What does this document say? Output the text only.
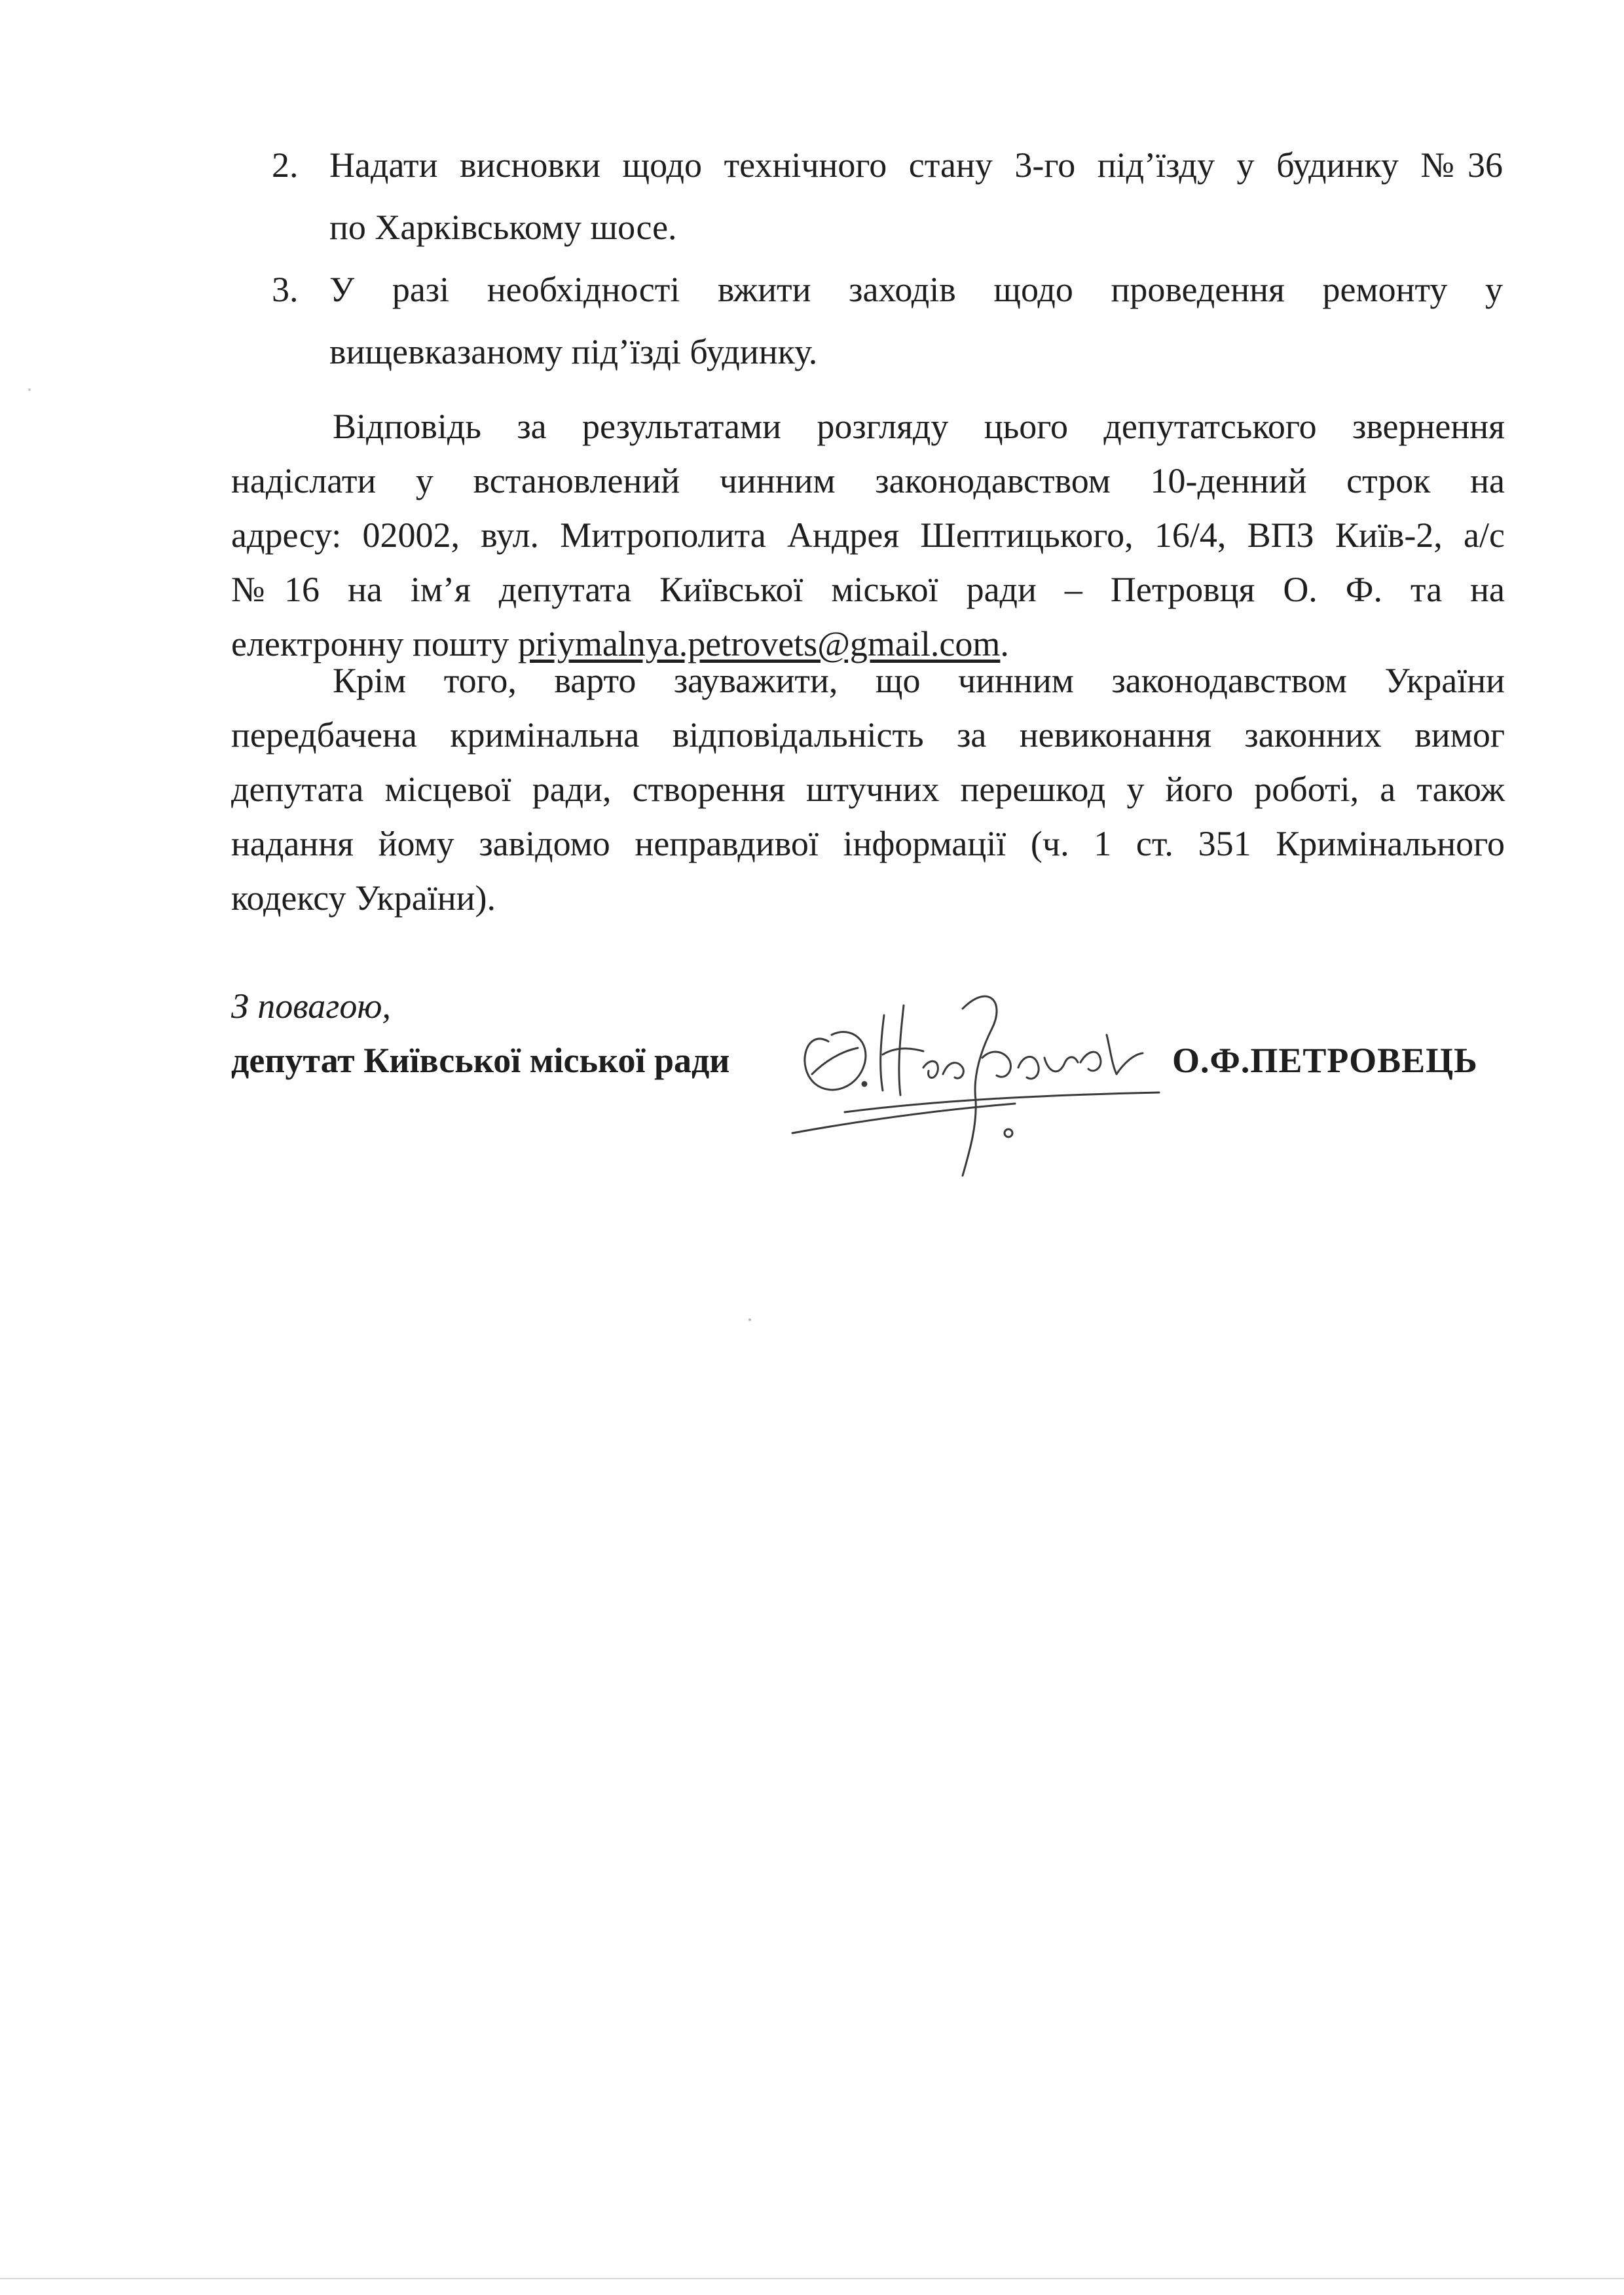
2. Надати висновки щодо технічного стану 3-го під’їзду у будинку №36
по Харківському шосе.
3. У разі необхідності вжити заходів щодо проведення ремонту у
вищевказаному під’їзді будинку.
Відповідь за результатами розгляду цього депутатського звернення
надіслати у встановлений чинним законодавством 10-денний строк на
адресу: 02002, вул. Митрополита Андрея Шептицького, 16/4, ВПЗ Київ-2, а/с
№16 на ім’я депутата Київської міської ради – Петровця О. Ф. та на
електронну пошту priymalnya.petrovets@gmail.com.
Крім того, варто зауважити, що чинним законодавством України
передбачена кримінальна відповідальність за невиконання законних вимог
депутата місцевої ради, створення штучних перешкод у його роботі, а також
надання йому завідомо неправдивої інформації (ч. 1 ст. 351 Кримінального
кодексу України).

З повагою,

депутат Київської міської ради	О.Ф.ПЕТРОВЕЦЬ
